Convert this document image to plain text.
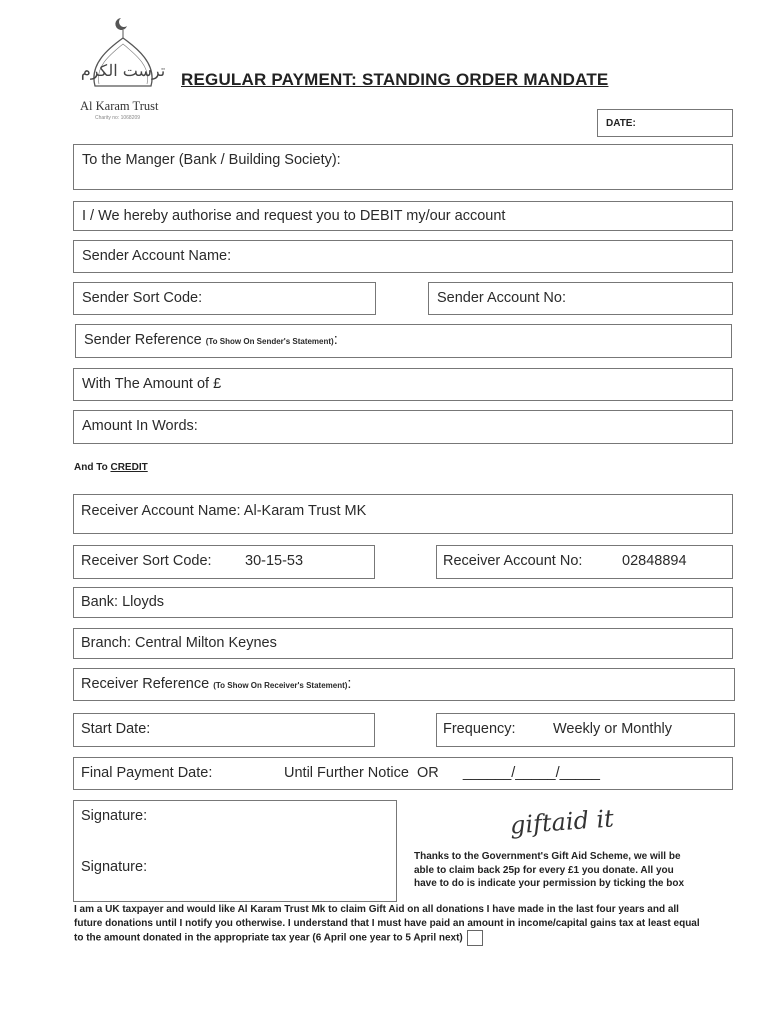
ترست الكرم
Al Karam Trust
Charity no: 1068209
REGULAR PAYMENT: STANDING ORDER MANDATE
DATE:
To the Manger (Bank / Building Society):
I / We hereby authorise and request you to DEBIT my/our account
Sender Account Name:
Sender Sort Code:	Sender Account No:
Sender Reference (To Show On Sender's Statement):
With The Amount of £
Amount In Words:
And To CREDIT
Receiver Account Name: Al-Karam Trust MK
Receiver Sort Code: 30-15-53	Receiver Account No:	02848894
Bank: Lloyds
Branch: Central Milton Keynes
Receiver Reference (To Show On Receiver's Statement):
Start Date:	Frequency:	Weekly or Monthly
Final Payment Date:	Until Further Notice  OR      ______/_____/_____
Signature:
Signature:
giftaid it
Thanks to the Government's Gift Aid Scheme, we will be able to claim back 25p for every £1 you donate. All you have to do is indicate your permission by ticking the box
I am a UK taxpayer and would like Al Karam Trust Mk to claim Gift Aid on all donations I have made in the last four years and all future donations until I notify you otherwise. I understand that I must have paid an amount in income/capital gains tax at least equal to the amount donated in the appropriate tax year (6 April one year to 5 April next)
